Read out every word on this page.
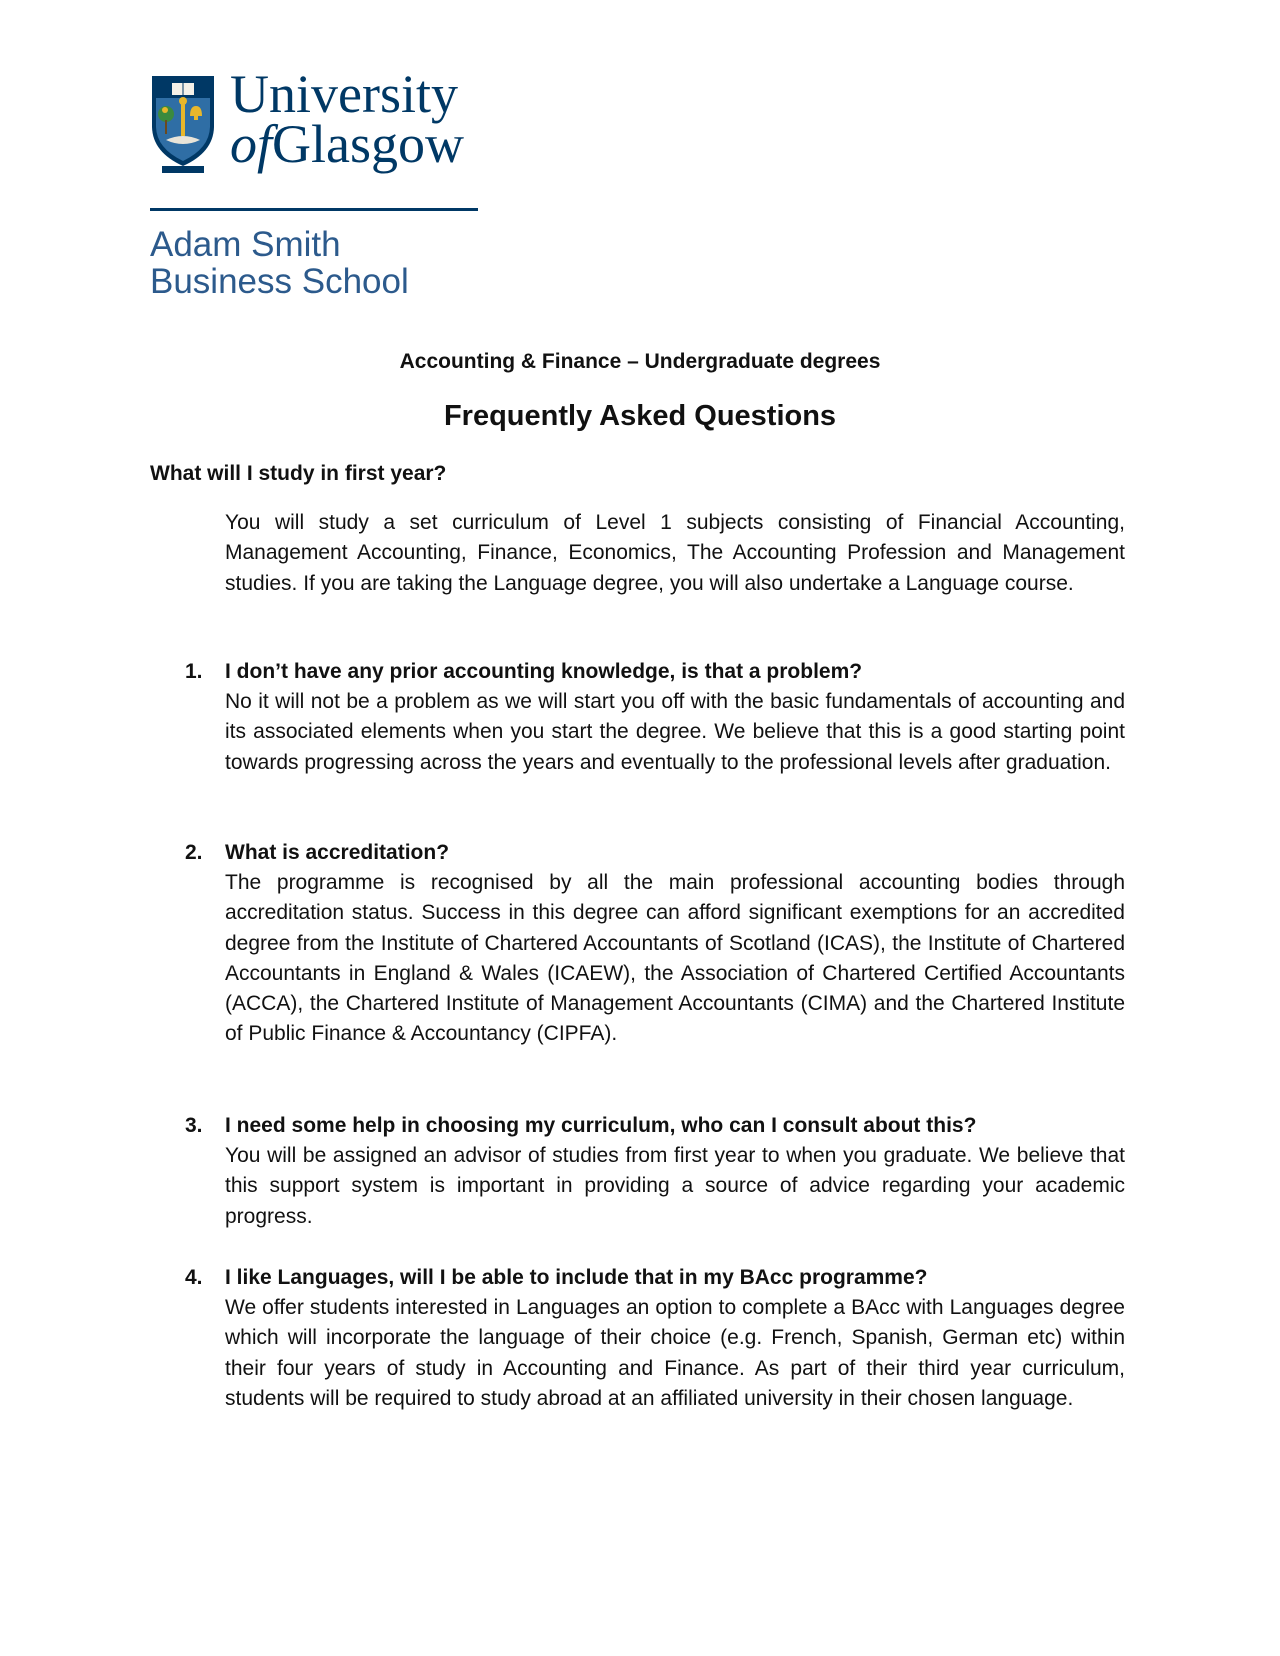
University
ofGlasgow
Adam Smith
Business School
Accounting & Finance – Undergraduate degrees
Frequently Asked Questions
What will I study in first year?

You will study a set curriculum of Level 1 subjects consisting of Financial Accounting, Management Accounting, Finance, Economics, The Accounting Profession and Management studies. If you are taking the Language degree, you will also undertake a Language course.

1. I don’t have any prior accounting knowledge, is that a problem?

No it will not be a problem as we will start you off with the basic fundamentals of accounting and its associated elements when you start the degree. We believe that this is a good starting point towards progressing across the years and eventually to the professional levels after graduation.

2. What is accreditation?

The programme is recognised by all the main professional accounting bodies through accreditation status. Success in this degree can afford significant exemptions for an accredited degree from the Institute of Chartered Accountants of Scotland (ICAS), the Institute of Chartered Accountants in England & Wales (ICAEW), the Association of Chartered Certified Accountants (ACCA), the Chartered Institute of Management Accountants (CIMA) and the Chartered Institute of Public Finance & Accountancy (CIPFA).

3. I need some help in choosing my curriculum, who can I consult about this?

You will be assigned an advisor of studies from first year to when you graduate. We believe that this support system is important in providing a source of advice regarding your academic progress.

4. I like Languages, will I be able to include that in my BAcc programme?

We offer students interested in Languages an option to complete a BAcc with Languages degree which will incorporate the language of their choice (e.g. French, Spanish, German etc) within their four years of study in Accounting and Finance. As part of their third year curriculum, students will be required to study abroad at an affiliated university in their chosen language.
